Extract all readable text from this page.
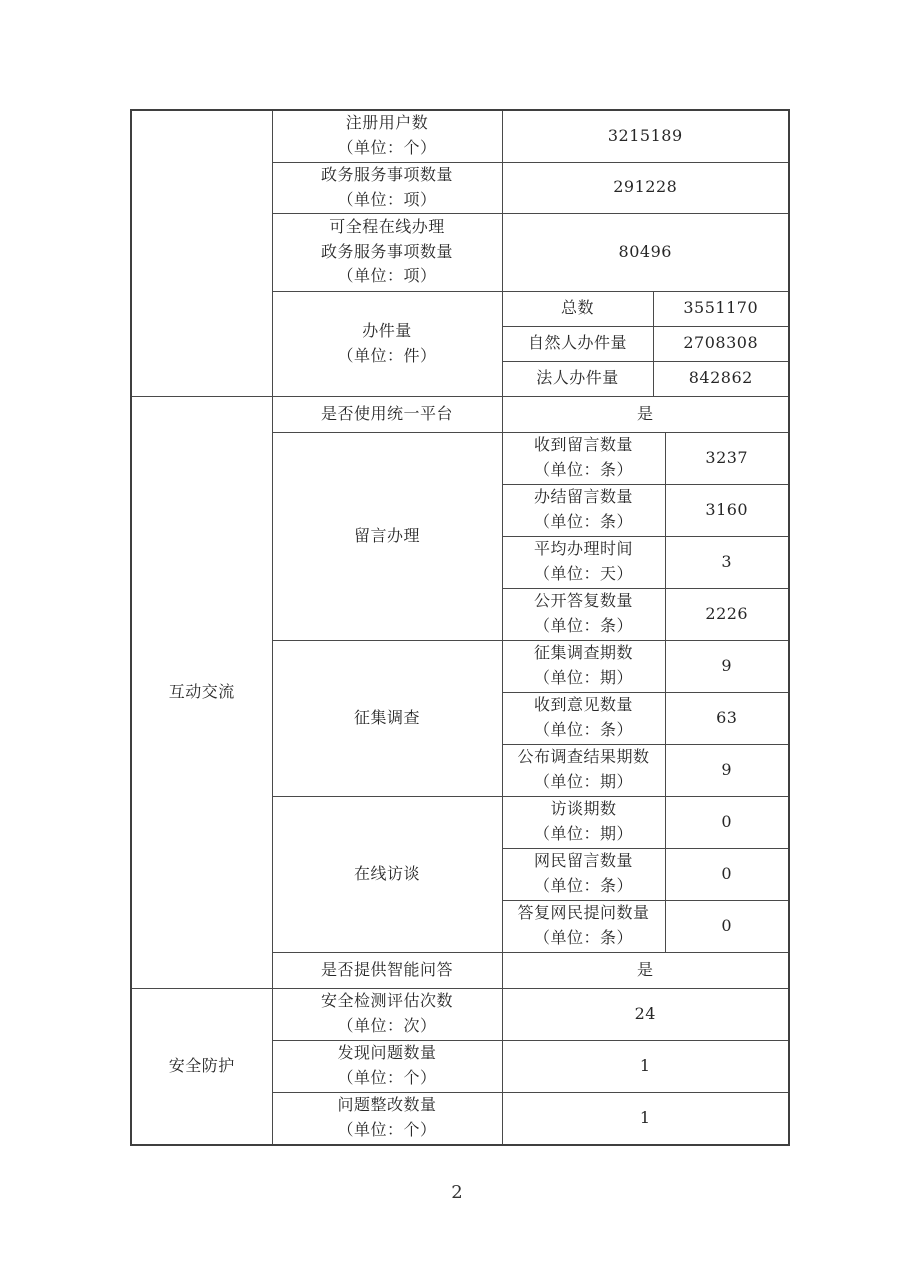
	注册用户数
（单位：个）	3215189		

	政务服务事项数量
（单位：项）	291228		

	可全程在线办理
政务服务事项数量
（单位：项）	80496		

	办件量
（单位：件）	总数	3551170	
		自然人办件量	2708308	
		法人办件量	842862	
互动交流	是否使用统一平台	是		
	留言办理	收到留言数量
（单位：条）		3237

		办结留言数量
（单位：条）		3160

		平均办理时间
（单位：天）		3

		公开答复数量
（单位：条）		2226
	征集调查	征集调查期数
（单位：期）		9

		收到意见数量
（单位：条）		63

		公布调查结果期数
（单位：期）		9
	在线访谈	访谈期数
（单位：期）		0

		网民留言数量
（单位：条）		0

		答复网民提问数量
（单位：条）		0
	是否提供智能问答	是		
安全防护	安全检测评估次数
（单位：次）	24		

	发现问题数量
（单位：个）	1		

	问题整改数量
（单位：个）	1		
2
